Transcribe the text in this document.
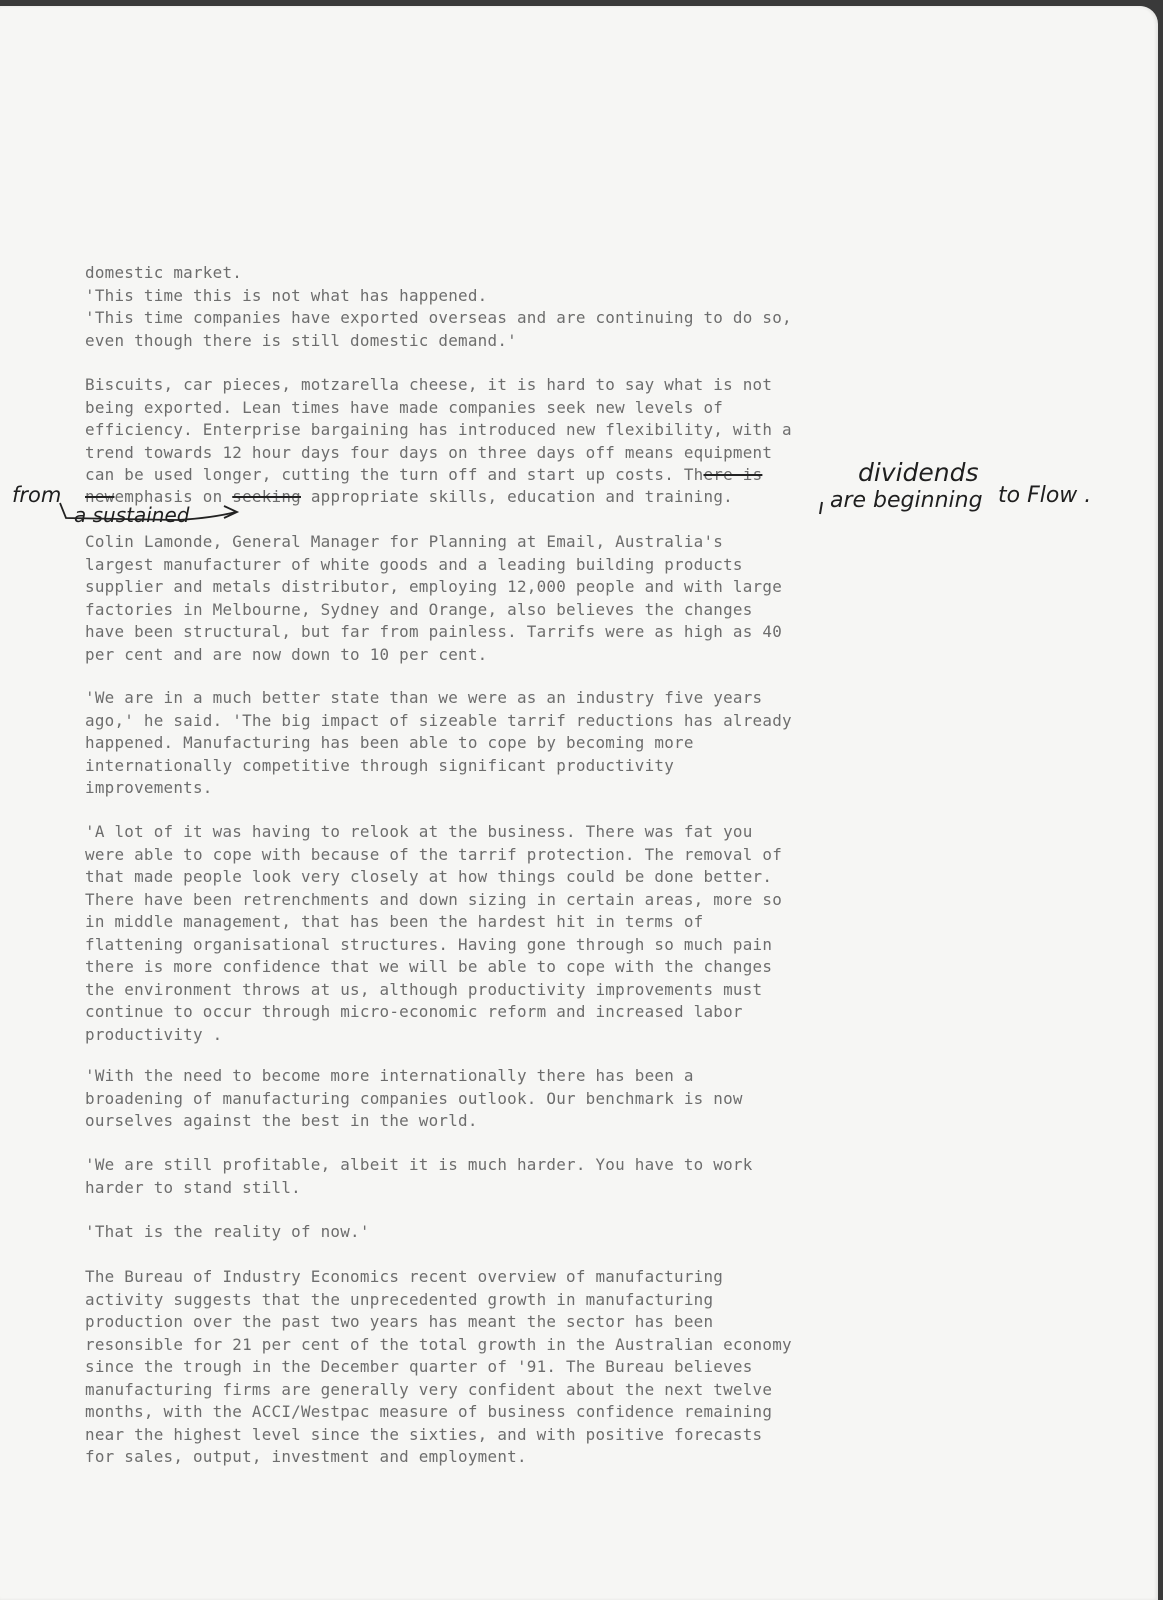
domestic market.
'This time this is not what has happened.
'This time companies have exported overseas and are continuing to do so,
even though there is still domestic demand.'
Biscuits, car pieces, motzarella cheese, it is hard to say what is not
being exported. Lean times have made companies seek new levels of
efficiency. Enterprise bargaining has introduced new flexibility, with a
trend towards 12 hour days four days on three days off means equipment
can be used longer, cutting the turn off and start up costs. There is
newemphasis on seeking appropriate skills, education and training.
Colin Lamonde, General Manager for Planning at Email, Australia's
largest manufacturer of white goods and a leading building products
supplier and metals distributor, employing 12,000 people and with large
factories in Melbourne, Sydney and Orange, also believes the changes
have been structural, but far from painless. Tarrifs were as high as 40
per cent and are now down to 10 per cent.
'We are in a much better state than we were as an industry five years
ago,' he said. 'The big impact of sizeable tarrif reductions has already
happened. Manufacturing has been able to cope by becoming more
internationally competitive through significant productivity
improvements.
'A lot of it was having to relook at the business. There was fat you
were able to cope with because of the tarrif protection. The removal of
that made people look very closely at how things could be done better.
There have been retrenchments and down sizing in certain areas, more so
in middle management, that has been the hardest hit in terms of
flattening organisational structures. Having gone through so much pain
there is more confidence that we will be able to cope with the changes
the environment throws at us, although productivity improvements must
continue to occur through micro-economic reform and increased labor
productivity .
'With the need to become more internationally there has been a
broadening of manufacturing companies outlook. Our benchmark is now
ourselves against the best in the world.
'We are still profitable, albeit it is much harder. You have to work
harder to stand still.
'That is the reality of now.'
The Bureau of Industry Economics recent overview of manufacturing
activity suggests that the unprecedented growth in manufacturing
production over the past two years has meant the sector has been
resonsible for 21 per cent of the total growth in the Australian economy
since the trough in the December quarter of '91. The Bureau believes
manufacturing firms are generally very confident about the next twelve
months, with the ACCI/Westpac measure of business confidence remaining
near the highest level since the sixties, and with positive forecasts
for sales, output, investment and employment.
dividends
from
a sustained
are beginning to Flow .
